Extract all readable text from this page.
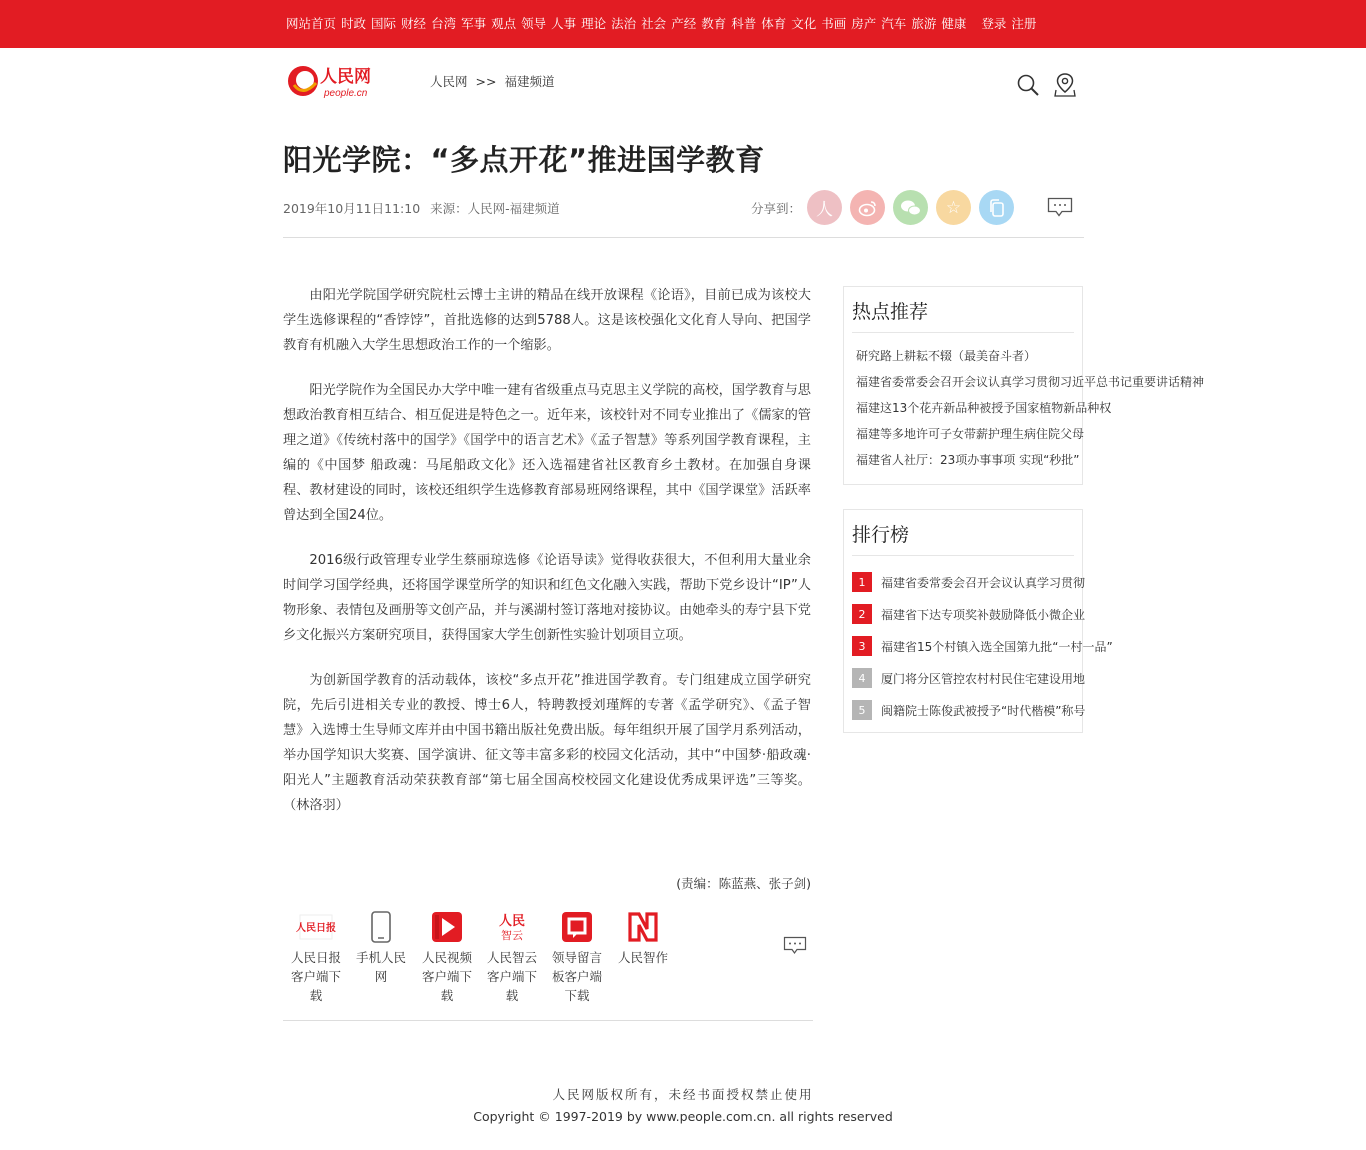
网站首页 时政 国际 财经 台湾 军事 观点 领导 人事 理论 法治 社会 产经 教育 科普 体育 文化 书画 房产 汽车 旅游 健康 登录 注册
人民网
people.cn
人民网 >> 福建频道
阳光学院：“多点开花”推进国学教育
2019年10月11日11:10 来源：人民网-福建频道	分享到： 人	☆

由阳光学院国学研究院杜云博士主讲的精品在线开放课程《论语》，目前已成为该校大学生选修课程的“香饽饽”，首批选修的达到5788人。这是该校强化文化育人导向、把国学教育有机融入大学生思想政治工作的一个缩影。

阳光学院作为全国民办大学中唯一建有省级重点马克思主义学院的高校，国学教育与思想政治教育相互结合、相互促进是特色之一。近年来，该校针对不同专业推出了《儒家的管理之道》《传统村落中的国学》《国学中的语言艺术》《孟子智慧》等系列国学教育课程，主编的《中国梦 船政魂：马尾船政文化》还入选福建省社区教育乡土教材。在加强自身课程、教材建设的同时，该校还组织学生选修教育部易班网络课程，其中《国学课堂》活跃率曾达到全国24位。

2016级行政管理专业学生蔡丽琼选修《论语导读》觉得收获很大，不但利用大量业余时间学习国学经典，还将国学课堂所学的知识和红色文化融入实践，帮助下党乡设计“IP”人物形象、表情包及画册等文创产品，并与溪湖村签订落地对接协议。由她牵头的寿宁县下党乡文化振兴方案研究项目，获得国家大学生创新性实验计划项目立项。

为创新国学教育的活动载体，该校“多点开花”推进国学教育。专门组建成立国学研究院，先后引进相关专业的教授、博士6人，特聘教授刘瑾辉的专著《孟学研究》、《孟子智慧》入选博士生导师文库并由中国书籍出版社免费出版。每年组织开展了国学月系列活动，举办国学知识大奖赛、国学演讲、征文等丰富多彩的校园文化活动，其中“中国梦·船政魂·阳光人”主题教育活动荣获教育部“第七届全国高校校园文化建设优秀成果评选”三等奖。（林洛羽）

(责编：陈蓝燕、张子剑)
人民日报
人民日报客户端下载
手机人民网
人民视频客户端下载
人民
智云
人民智云客户端下载
领导留言板客户端下载
人民智作
热点推荐
研究路上耕耘不辍（最美奋斗者）
福建省委常委会召开会议认真学习贯彻习近平总书记重要讲话精神
福建这13个花卉新品种被授予国家植物新品种权
福建等多地许可子女带薪护理生病住院父母
福建省人社厅：23项办事事项 实现“秒批”
排行榜
1	福建省委常委会召开会议认真学习贯彻
2	福建省下达专项奖补鼓励降低小微企业
3	福建省15个村镇入选全国第九批“一村一品”
4	厦门将分区管控农村村民住宅建设用地
5	闽籍院士陈俊武被授予“时代楷模”称号
人民网版权所有，未经书面授权禁止使用
Copyright © 1997-2019 by www.people.com.cn. all rights reserved
